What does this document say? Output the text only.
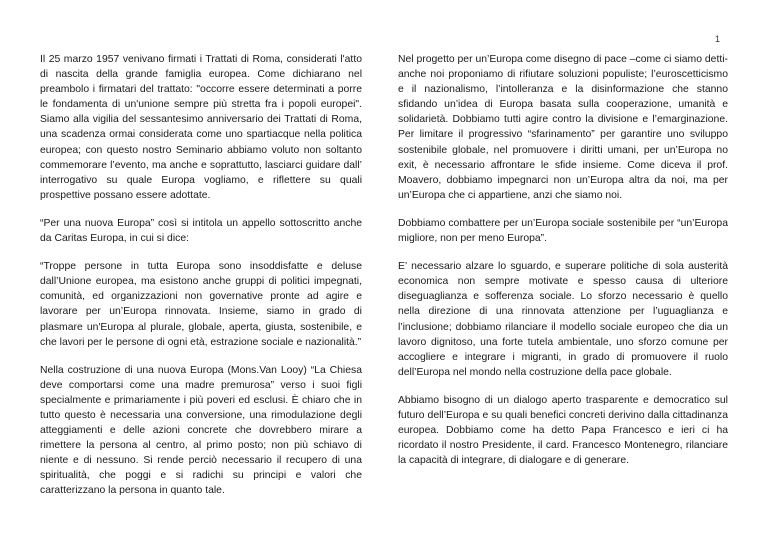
1

Il 25 marzo 1957 venivano firmati i Trattati di Roma, considerati l'atto di nascita della grande famiglia europea. Come dichiarano nel preambolo i firmatari del trattato: "occorre essere determinati a porre le fondamenta di un'unione sempre più stretta fra i popoli europei". Siamo alla vigilia del sessantesimo anniversario dei Trattati di Roma, una scadenza ormai considerata come uno spartiacque nella politica europea; con questo nostro Seminario abbiamo voluto non soltanto commemorare l’evento, ma anche e soprattutto, lasciarci guidare dall’ interrogativo su quale Europa vogliamo, e riflettere su quali prospettive possano essere adottate.

“Per una nuova Europa” così si intitola un appello sottoscritto anche da Caritas Europa, in cui si dice:

“Troppe persone in tutta Europa sono insoddisfatte e deluse dall’Unione europea, ma esistono anche gruppi di politici impegnati, comunità, ed organizzazioni non governative pronte ad agire e lavorare per un’Europa rinnovata. Insieme, siamo in grado di plasmare un'Europa al plurale, globale, aperta, giusta, sostenibile, e che lavori per le persone di ogni età, estrazione sociale e nazionalità.”

Nella costruzione di una nuova Europa (Mons.Van Looy) “La Chiesa deve comportarsi come una madre premurosa” verso i suoi figli specialmente e primariamente i più poveri ed esclusi. È chiaro che in tutto questo è necessaria una conversione, una rimodulazione degli atteggiamenti e delle azioni concrete che dovrebbero mirare a rimettere la persona al centro, al primo posto; non più schiavo di niente e di nessuno. Si rende perciò necessario il recupero di una spiritualità, che poggi e si radichi su principi e valori che caratterizzano la persona in quanto tale.

Nel progetto per un’Europa come disegno di pace –come ci siamo detti- anche noi proponiamo di rifiutare soluzioni populiste; l’euroscetticismo e il nazionalismo, l’intolleranza e la disinformazione che stanno sfidando un’idea di Europa basata sulla cooperazione, umanità e solidarietà. Dobbiamo tutti agire contro la divisione e l’emarginazione. Per limitare il progressivo “sfarinamento” per garantire uno sviluppo sostenibile globale, nel promuovere i diritti umani, per un’Europa no exit, è necessario affrontare le sfide insieme. Come diceva il prof. Moavero, dobbiamo impegnarci non un’Europa altra da noi, ma per un’Europa che ci appartiene, anzi che siamo noi.

Dobbiamo combattere per un’Europa sociale sostenibile per “un’Europa migliore, non per meno Europa”.

E’ necessario alzare lo sguardo, e superare politiche di sola austerità economica non sempre motivate e spesso causa di ulteriore diseguaglianza e sofferenza sociale. Lo sforzo necessario è quello nella direzione di una rinnovata attenzione per l’uguaglianza e l’inclusione; dobbiamo rilanciare il modello sociale europeo che dia un lavoro dignitoso, una forte tutela ambientale, uno sforzo comune per accogliere e integrare i migranti, in grado di promuovere il ruolo dell’Europa nel mondo nella costruzione della pace globale.

Abbiamo bisogno di un dialogo aperto trasparente e democratico sul futuro dell’Europa e su quali benefici concreti derivino dalla cittadinanza europea. Dobbiamo come ha detto Papa Francesco e ieri ci ha ricordato il nostro Presidente, il card. Francesco Montenegro, rilanciare la capacità di integrare, di dialogare e di generare.
